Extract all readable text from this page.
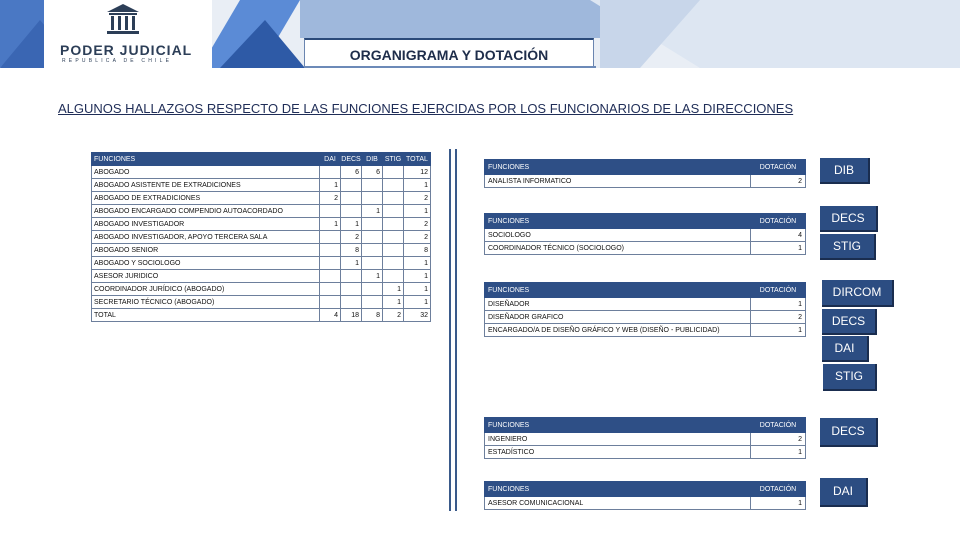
PODER JUDICIAL
REPUBLICA DE CHILE	ORGANIGRAMA Y DOTACIÓN
ALGUNOS HALLAZGOS RESPECTO DE LAS FUNCIONES EJERCIDAS POR LOS FUNCIONARIOS DE LAS DIRECCIONES
FUNCIONES	DAI	DECS	DIB	STIG	TOTAL
ABOGADO		6	6		12
ABOGADO ASISTENTE DE EXTRADICIONES	1				1
ABOGADO DE EXTRADICIONES	2				2
ABOGADO ENCARGADO COMPENDIO AUTOACORDADO			1		1
ABOGADO INVESTIGADOR	1	1			2
ABOGADO INVESTIGADOR, APOYO TERCERA SALA		2			2
ABOGADO SENIOR		8			8
ABOGADO Y SOCIOLOGO		1			1
ASESOR JURIDICO			1		1
COORDINADOR JURÍDICO (ABOGADO)				1	1
SECRETARIO TÉCNICO (ABOGADO)				1	1
TOTAL	4	18	8	2	32
FUNCIONES	DOTACIÓN
ANALISTA INFORMATICO	2
FUNCIONES	DOTACIÓN
SOCIOLOGO	4
COORDINADOR TÉCNICO (SOCIOLOGO)	1
FUNCIONES	DOTACIÓN
DISEÑADOR	1
DISEÑADOR GRAFICO	2
ENCARGADO/A DE DISEÑO GRÁFICO Y WEB (DISEÑO - PUBLICIDAD)	1
FUNCIONES	DOTACIÓN
INGENIERO	2
ESTADÍSTICO	1
FUNCIONES	DOTACIÓN
ASESOR COMUNICACIONAL	1
DIB
DECS
STIG
DIRCOM
DECS
DAI
STIG
DECS
DAI
